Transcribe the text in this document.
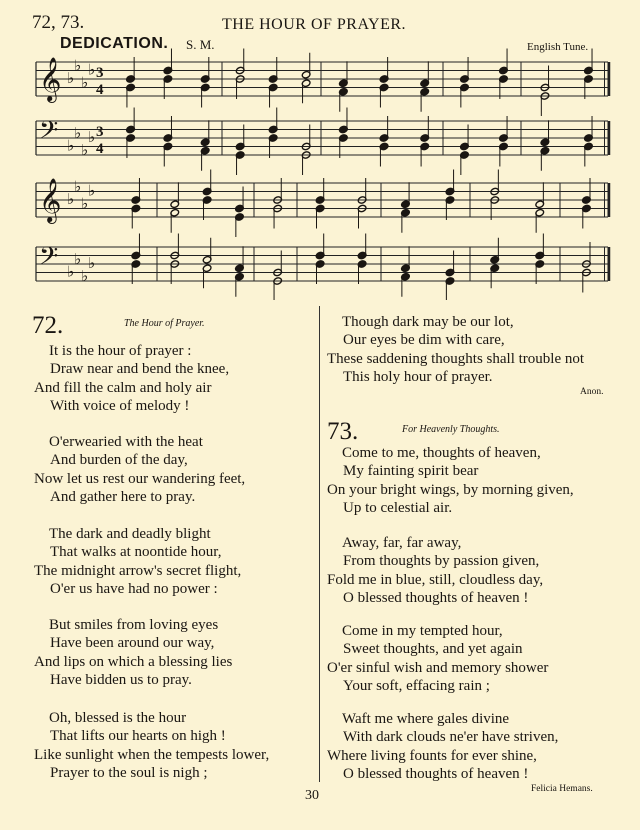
72, 73.	THE HOUR OF PRAYER.
DEDICATION. S. M.	English Tune.
𝄞 ♭
♭
♭
♭ 3
4
𝄢 ♭
♭
♭
♭ 3
4
𝄞 ♭
♭
♭
♭
𝄢 ♭
♭
♭
♭
72.	The Hour of Prayer.
It is the hour of prayer :
Draw near and bend the knee,
And fill the calm and holy air
With voice of melody !
O'erwearied with the heat
And burden of the day,
Now let us rest our wandering feet,
And gather here to pray.
The dark and deadly blight
That walks at noontide hour,
The midnight arrow's secret flight,
O'er us have had no power :
But smiles from loving eyes
Have been around our way,
And lips on which a blessing lies
Have bidden us to pray.
Oh, blessed is the hour
That lifts our hearts on high !
Like sunlight when the tempests lower,
Prayer to the soul is nigh ;
Though dark may be our lot,
Our eyes be dim with care,
These saddening thoughts shall trouble not
This holy hour of prayer.
Anon.
73.	For Heavenly Thoughts.
Come to me, thoughts of heaven,
My fainting spirit bear
On your bright wings, by morning given,
Up to celestial air.
Away, far, far away,
From thoughts by passion given,
Fold me in blue, still, cloudless day,
O blessed thoughts of heaven !
Come in my tempted hour,
Sweet thoughts, and yet again
O'er sinful wish and memory shower
Your soft, effacing rain ;
Waft me where gales divine
With dark clouds ne'er have striven,
Where living founts for ever shine,
O blessed thoughts of heaven !
Felicia Hemans.
30
